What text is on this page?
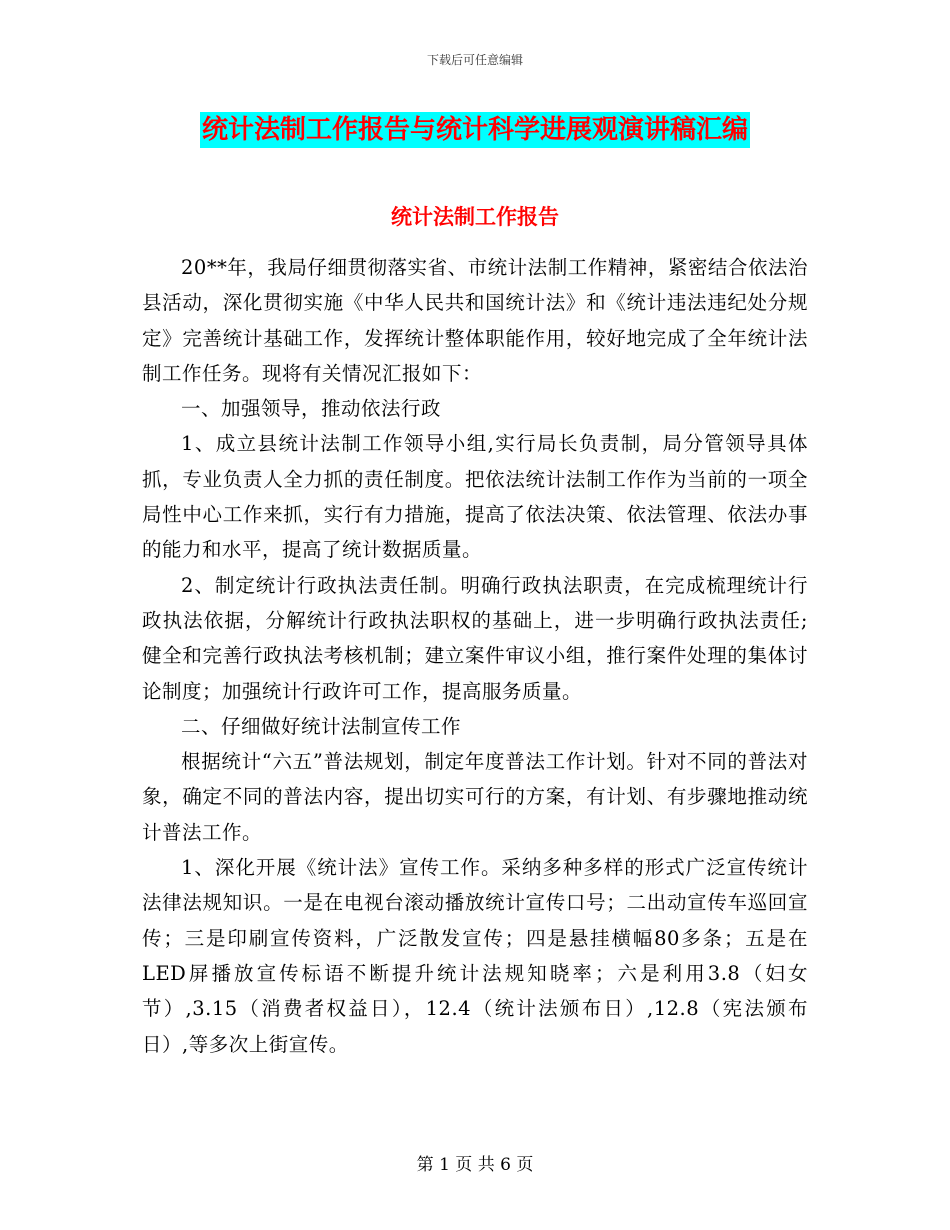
下载后可任意编辑
统计法制工作报告与统计科学进展观演讲稿汇编
统计法制工作报告

20**年，我局仔细贯彻落实省、市统计法制工作精神，紧密结合依法治县活动，深化贯彻实施《中华人民共和国统计法》和《统计违法违纪处分规定》完善统计基础工作，发挥统计整体职能作用，较好地完成了全年统计法制工作任务。现将有关情况汇报如下：

一、加强领导，推动依法行政

1、成立县统计法制工作领导小组,实行局长负责制，局分管领导具体抓，专业负责人全力抓的责任制度。把依法统计法制工作作为当前的一项全局性中心工作来抓，实行有力措施，提高了依法决策、依法管理、依法办事的能力和水平，提高了统计数据质量。

2、制定统计行政执法责任制。明确行政执法职责，在完成梳理统计行政执法依据，分解统计行政执法职权的基础上，进一步明确行政执法责任;健全和完善行政执法考核机制；建立案件审议小组，推行案件处理的集体讨论制度；加强统计行政许可工作，提高服务质量。

二、仔细做好统计法制宣传工作

根据统计“六五”普法规划，制定年度普法工作计划。针对不同的普法对象，确定不同的普法内容，提出切实可行的方案，有计划、有步骤地推动统计普法工作。

1、深化开展《统计法》宣传工作。采纳多种多样的形式广泛宣传统计法律法规知识。一是在电视台滚动播放统计宣传口号；二出动宣传车巡回宣传；三是印刷宣传资料，广泛散发宣传；四是悬挂横幅80多条；五是在LED屏播放宣传标语不断提升统计法规知晓率；六是利用3.8（妇女节）,3.15（消费者权益日），12.4（统计法颁布日）,12.8（宪法颁布日）,等多次上街宣传。

第 1 页 共 6 页
